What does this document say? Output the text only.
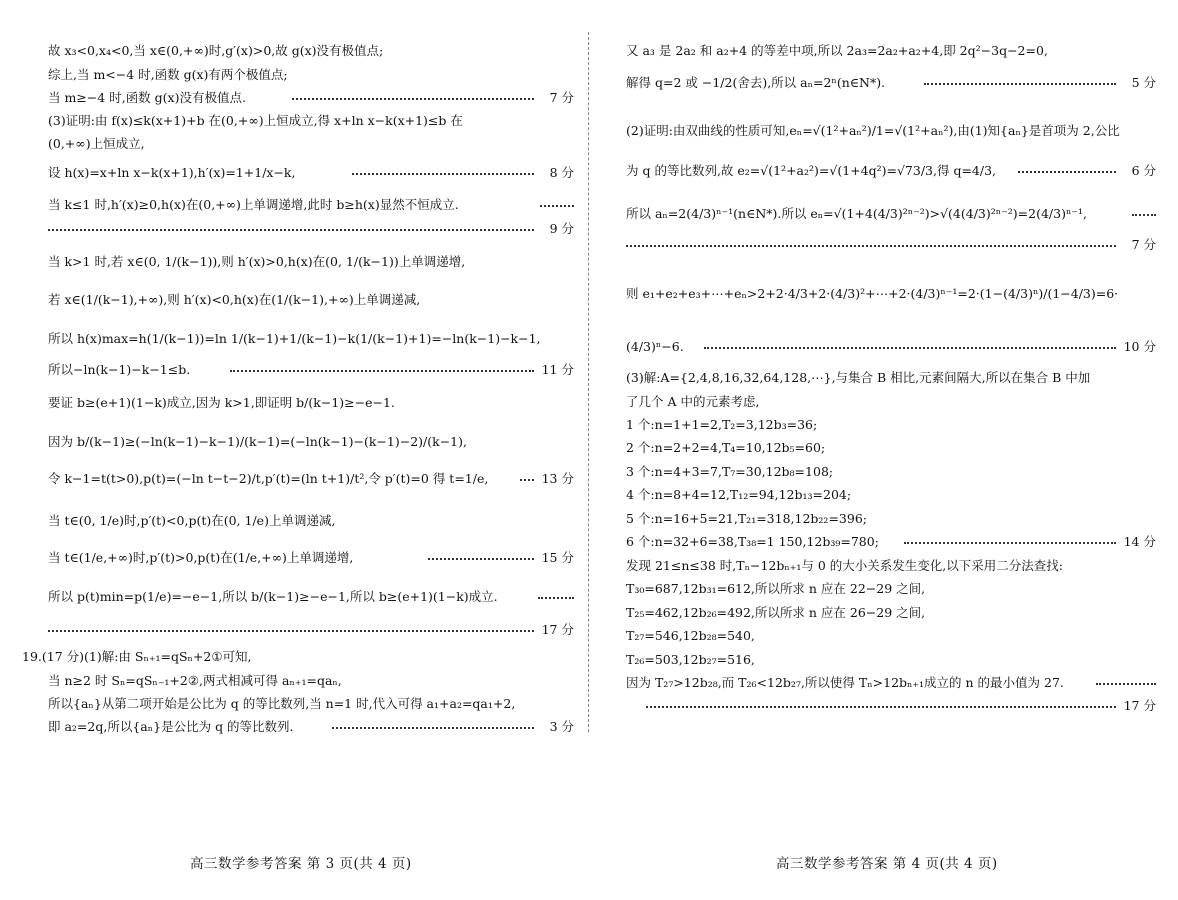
故 x₃<0,x₄<0,当 x∈(0,+∞)时,g′(x)>0,故 g(x)没有极值点;
综上,当 m<−4 时,函数 g(x)有两个极值点;
当 m≥−4 时,函数 g(x)没有极值点.	7 分
(3)证明:由 f(x)≤k(x+1)+b 在(0,+∞)上恒成立,得 x+ln x−k(x+1)≤b 在
(0,+∞)上恒成立,
设 h(x)=x+ln x−k(x+1),h′(x)=1+1/x−k,	8 分
当 k≤1 时,h′(x)≥0,h(x)在(0,+∞)上单调递增,此时 b≥h(x)显然不恒成立.
9 分
当 k>1 时,若 x∈(0, 1/(k−1)),则 h′(x)>0,h(x)在(0, 1/(k−1))上单调递增,
若 x∈(1/(k−1),+∞),则 h′(x)<0,h(x)在(1/(k−1),+∞)上单调递减,
所以 h(x)max=h(1/(k−1))=ln 1/(k−1)+1/(k−1)−k(1/(k−1)+1)=−ln(k−1)−k−1,
所以−ln(k−1)−k−1≤b.	11 分
要证 b≥(e+1)(1−k)成立,因为 k>1,即证明 b/(k−1)≥−e−1.
因为 b/(k−1)≥(−ln(k−1)−k−1)/(k−1)=(−ln(k−1)−(k−1)−2)/(k−1),
令 k−1=t(t>0),p(t)=(−ln t−t−2)/t,p′(t)=(ln t+1)/t²,令 p′(t)=0 得 t=1/e,	13 分
当 t∈(0, 1/e)时,p′(t)<0,p(t)在(0, 1/e)上单调递减,
当 t∈(1/e,+∞)时,p′(t)>0,p(t)在(1/e,+∞)上单调递增,	15 分
所以 p(t)min=p(1/e)=−e−1,所以 b/(k−1)≥−e−1,所以 b≥(e+1)(1−k)成立.
17 分
19.(17 分)(1)解:由 Sₙ₊₁=qSₙ+2①可知,
当 n≥2 时 Sₙ=qSₙ₋₁+2②,两式相减可得 aₙ₊₁=qaₙ,
所以{aₙ}从第二项开始是公比为 q 的等比数列,当 n=1 时,代入可得 a₁+a₂=qa₁+2,
即 a₂=2q,所以{aₙ}是公比为 q 的等比数列.	3 分
高三数学参考答案 第 3 页(共 4 页)
又 a₃ 是 2a₂ 和 a₂+4 的等差中项,所以 2a₃=2a₂+a₂+4,即 2q²−3q−2=0,
解得 q=2 或 −1/2(舍去),所以 aₙ=2ⁿ(n∈N*).	5 分
(2)证明:由双曲线的性质可知,eₙ=√(1²+aₙ²)/1=√(1²+aₙ²),由(1)知{aₙ}是首项为 2,公比
为 q 的等比数列,故 e₂=√(1²+a₂²)=√(1+4q²)=√73/3,得 q=4/3,	6 分
所以 aₙ=2(4/3)ⁿ⁻¹(n∈N*).所以 eₙ=√(1+4(4/3)²ⁿ⁻²)>√(4(4/3)²ⁿ⁻²)=2(4/3)ⁿ⁻¹,
7 分
则 e₁+e₂+e₃+⋯+eₙ>2+2·4/3+2·(4/3)²+⋯+2·(4/3)ⁿ⁻¹=2·(1−(4/3)ⁿ)/(1−4/3)=6·
(4/3)ⁿ−6.	10 分
(3)解:A={2,4,8,16,32,64,128,⋯},与集合 B 相比,元素间隔大,所以在集合 B 中加
了几个 A 中的元素考虑,
1 个:n=1+1=2,T₂=3,12b₃=36;
2 个:n=2+2=4,T₄=10,12b₅=60;
3 个:n=4+3=7,T₇=30,12b₈=108;
4 个:n=8+4=12,T₁₂=94,12b₁₃=204;
5 个:n=16+5=21,T₂₁=318,12b₂₂=396;
6 个:n=32+6=38,T₃₈=1 150,12b₃₉=780;	14 分
发现 21≤n≤38 时,Tₙ−12bₙ₊₁与 0 的大小关系发生变化,以下采用二分法查找:
T₃₀=687,12b₃₁=612,所以所求 n 应在 22−29 之间,
T₂₅=462,12b₂₆=492,所以所求 n 应在 26−29 之间,
T₂₇=546,12b₂₈=540,
T₂₆=503,12b₂₇=516,
因为 T₂₇>12b₂₈,而 T₂₆<12b₂₇,所以使得 Tₙ>12bₙ₊₁成立的 n 的最小值为 27.
17 分
高三数学参考答案 第 4 页(共 4 页)
